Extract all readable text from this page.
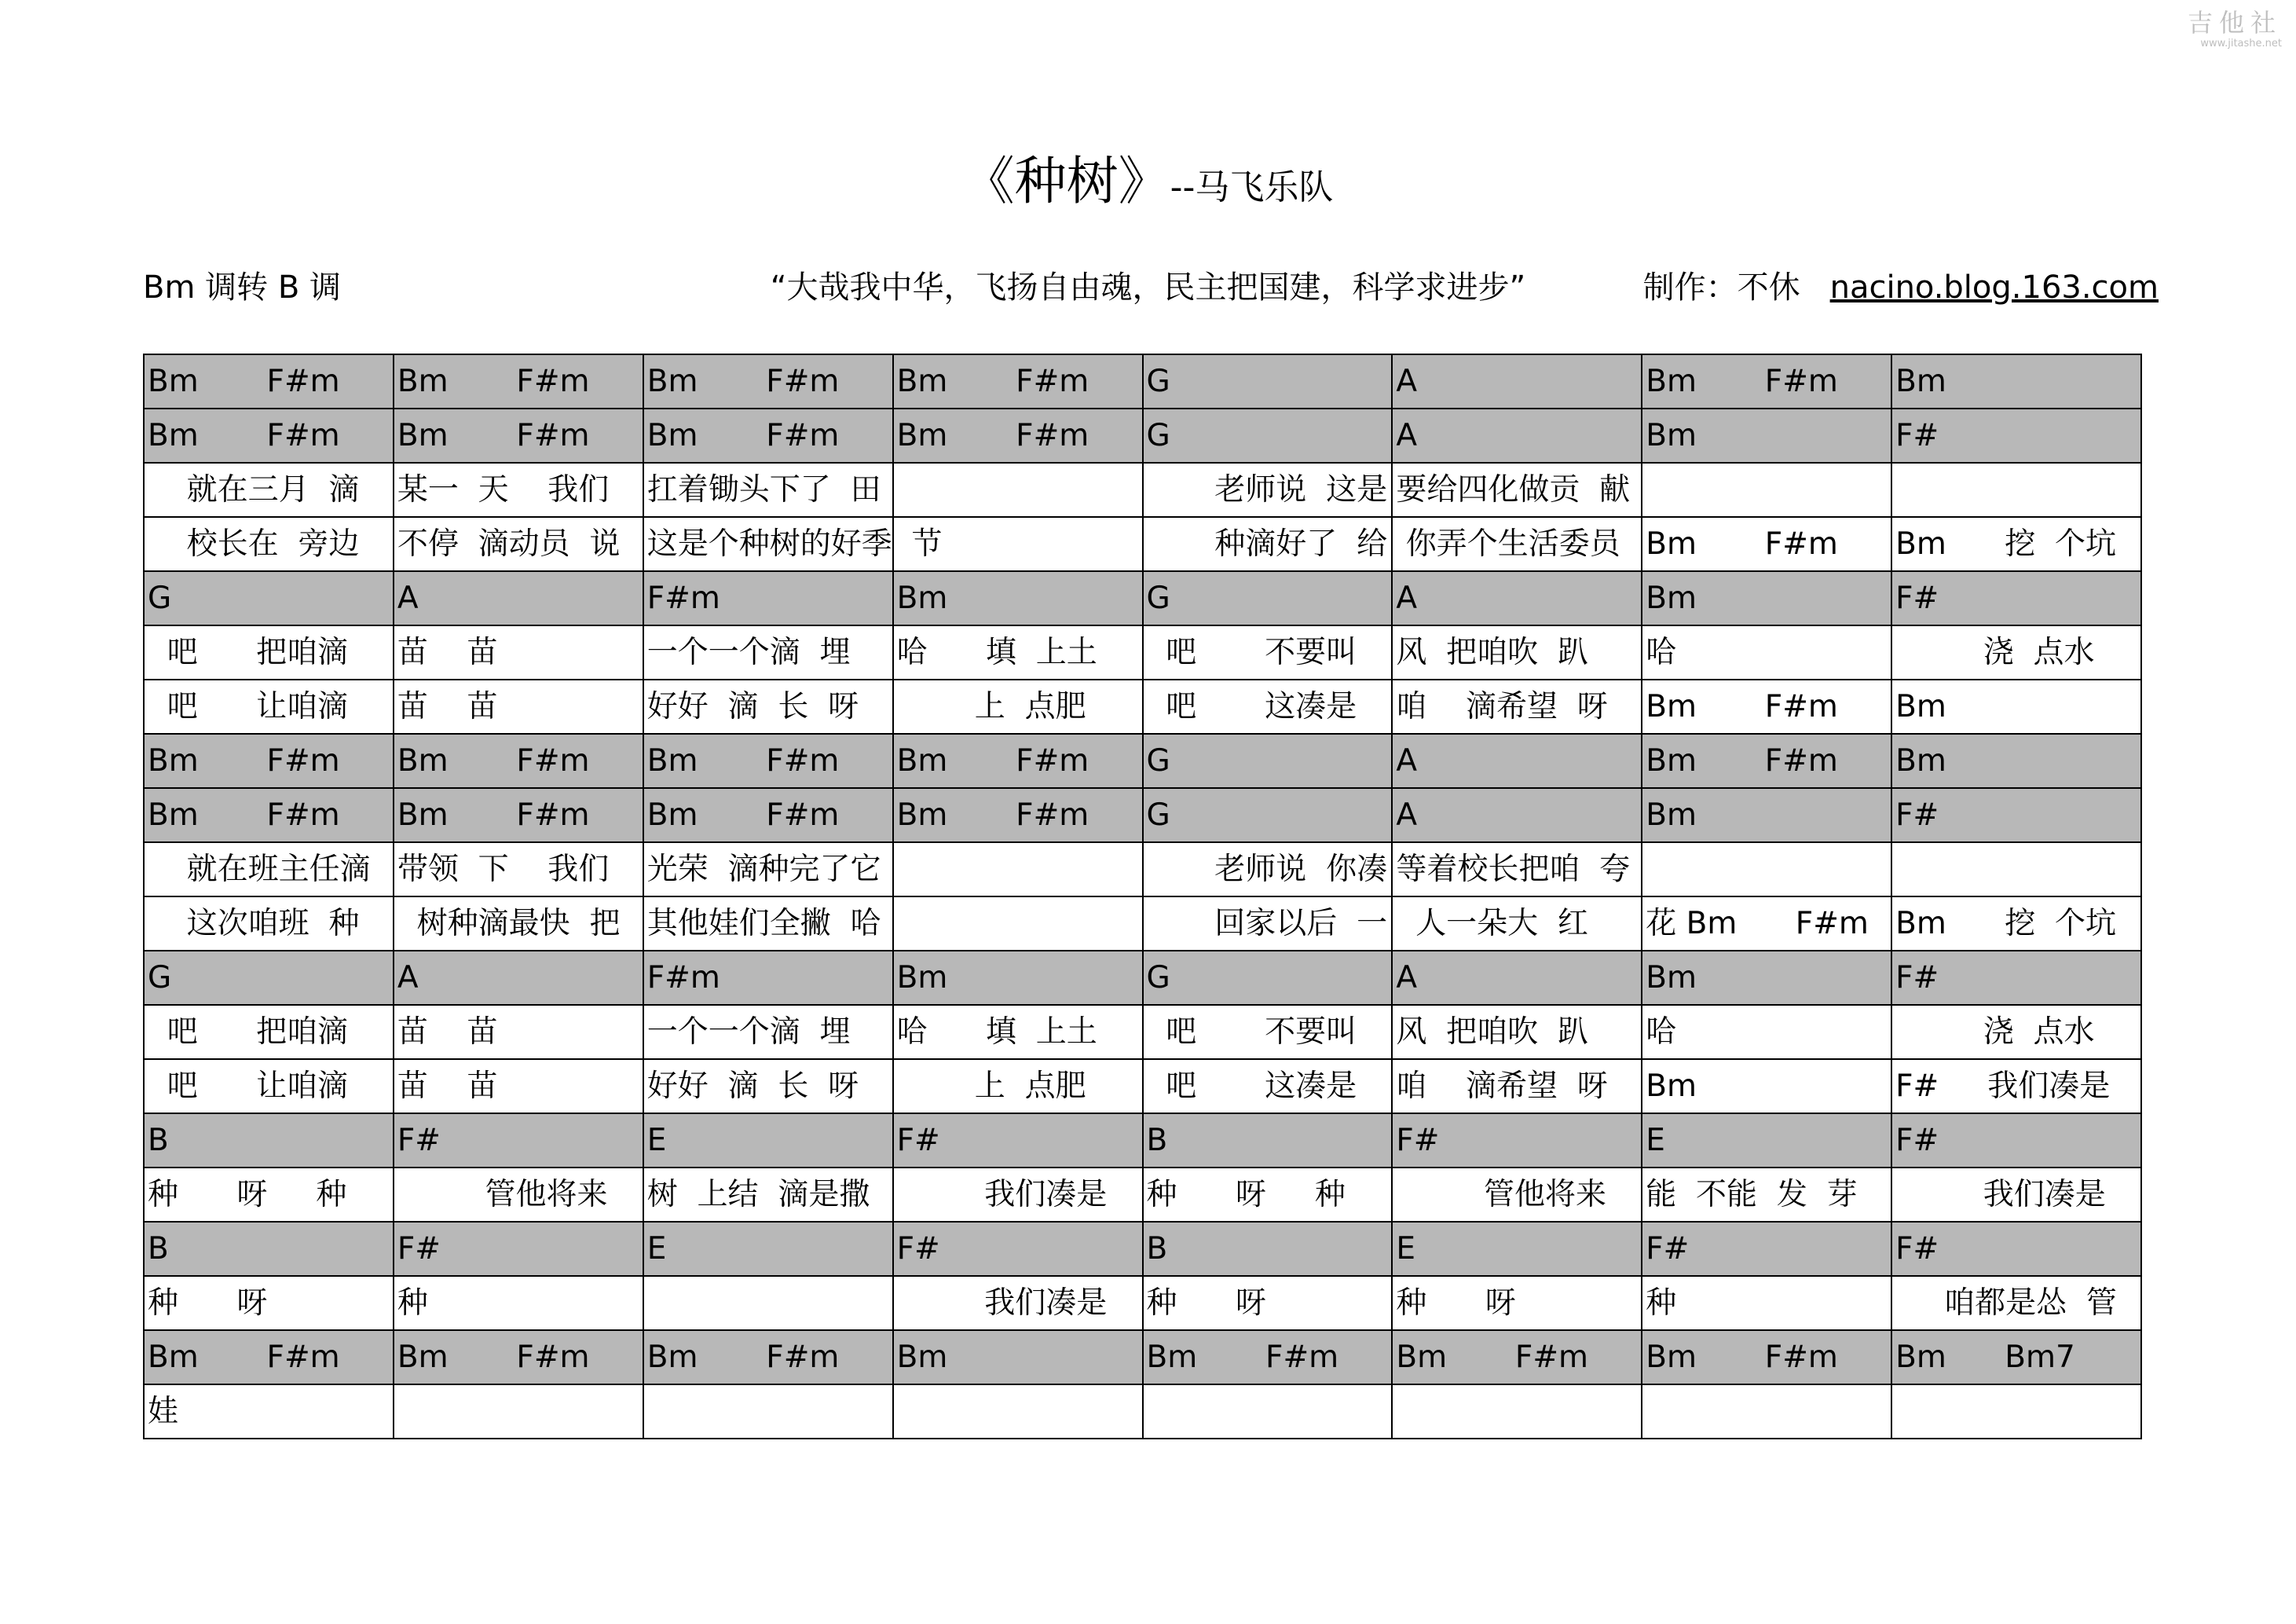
吉他社
www.jitashe.net
《种树》--马飞乐队
Bm 调转 B 调	“大哉我中华，飞扬自由魂，民主把国建，科学求进步”	制作：不休 nacino.blog.163.com
Bm       F#m	Bm       F#m	Bm       F#m	Bm       F#m	G	A	Bm       F#m	Bm
Bm       F#m	Bm       F#m	Bm       F#m	Bm       F#m	G	A	Bm	F#
就在三月  滴	某一  天    我们	扛着锄头下了  田		老师说  这是	要给四化做贡  献		
校长在  旁边	不停  滴动员  说	这是个种树的好季  节		种滴好了  给	你弄个生活委员	Bm       F#m	Bm      挖  个坑
G	A	F#m	Bm	G	A	Bm	F#
吧      把咱滴	苗    苗	一个一个滴  埋	哈      填  上土	吧       不要叫	风  把咱吹  趴	哈	浇  点水
吧      让咱滴	苗    苗	好好  滴  长  呀	上  点肥	吧       这凑是	咱    滴希望  呀	Bm       F#m	Bm
Bm       F#m	Bm       F#m	Bm       F#m	Bm       F#m	G	A	Bm       F#m	Bm
Bm       F#m	Bm       F#m	Bm       F#m	Bm       F#m	G	A	Bm	F#
就在班主任滴	带领  下    我们	光荣  滴种完了它		老师说  你凑	等着校长把咱  夸		
这次咱班  种	树种滴最快  把	其他娃们全撇  哈		回家以后  一	人一朵大  红	花 Bm      F#m	Bm      挖  个坑
G	A	F#m	Bm	G	A	Bm	F#
吧      把咱滴	苗    苗	一个一个滴  埋	哈      填  上土	吧       不要叫	风  把咱吹  趴	哈	浇  点水
吧      让咱滴	苗    苗	好好  滴  长  呀	上  点肥	吧       这凑是	咱    滴希望  呀	Bm	F#     我们凑是
B	F#	E	F#	B	F#	E	F#
种      呀     种	管他将来	树  上结  滴是撒	我们凑是	种      呀     种	管他将来	能  不能  发  芽	我们凑是
B	F#	E	F#	B	E	F#	F#
种      呀	种		我们凑是	种      呀	种      呀	种	咱都是怂  管
Bm       F#m	Bm       F#m	Bm       F#m	Bm	Bm       F#m	Bm       F#m	Bm       F#m	Bm      Bm7
娃							
